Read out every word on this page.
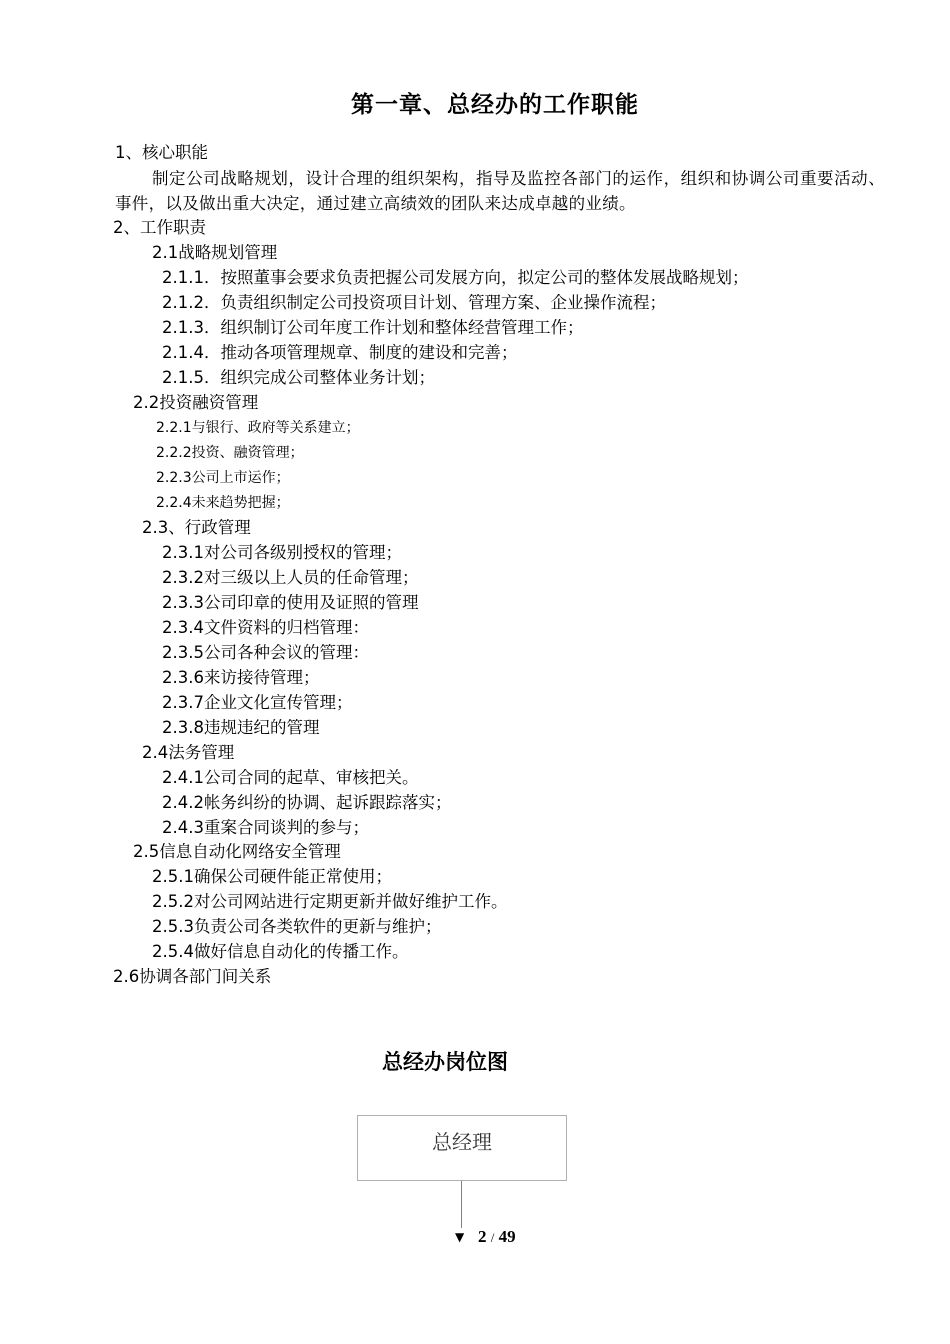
第一章、总经办的工作职能
1、核心职能
制定公司战略规划，设计合理的组织架构，指导及监控各部门的运作，组织和协调公司重要活动、事件，以及做出重大决定，通过建立高绩效的团队来达成卓越的业绩。
2、工作职责
2.1战略规划管理
2.1.1．按照董事会要求负责把握公司发展方向，拟定公司的整体发展战略规划；
2.1.2．负责组织制定公司投资项目计划、管理方案、企业操作流程；
2.1.3．组织制订公司年度工作计划和整体经营管理工作；
2.1.4．推动各项管理规章、制度的建设和完善；
2.1.5．组织完成公司整体业务计划；
2.2投资融资管理
2.2.1与银行、政府等关系建立；
2.2.2投资、融资管理；
2.2.3公司上市运作；
2.2.4未来趋势把握；
2.3、行政管理
2.3.1对公司各级别授权的管理；
2.3.2对三级以上人员的任命管理；
2.3.3公司印章的使用及证照的管理
2.3.4文件资料的归档管理：
2.3.5公司各种会议的管理：
2.3.6来访接待管理；
2.3.7企业文化宣传管理；
2.3.8违规违纪的管理
2.4法务管理
2.4.1公司合同的起草、审核把关。
2.4.2帐务纠纷的协调、起诉跟踪落实；
2.4.3重案合同谈判的参与；
2.5信息自动化网络安全管理
2.5.1确保公司硬件能正常使用；
2.5.2对公司网站进行定期更新并做好维护工作。
2.5.3负责公司各类软件的更新与维护；
2.5.4做好信息自动化的传播工作。
2.6协调各部门间关系
总经办岗位图
总经理
▼ 2 / 49
